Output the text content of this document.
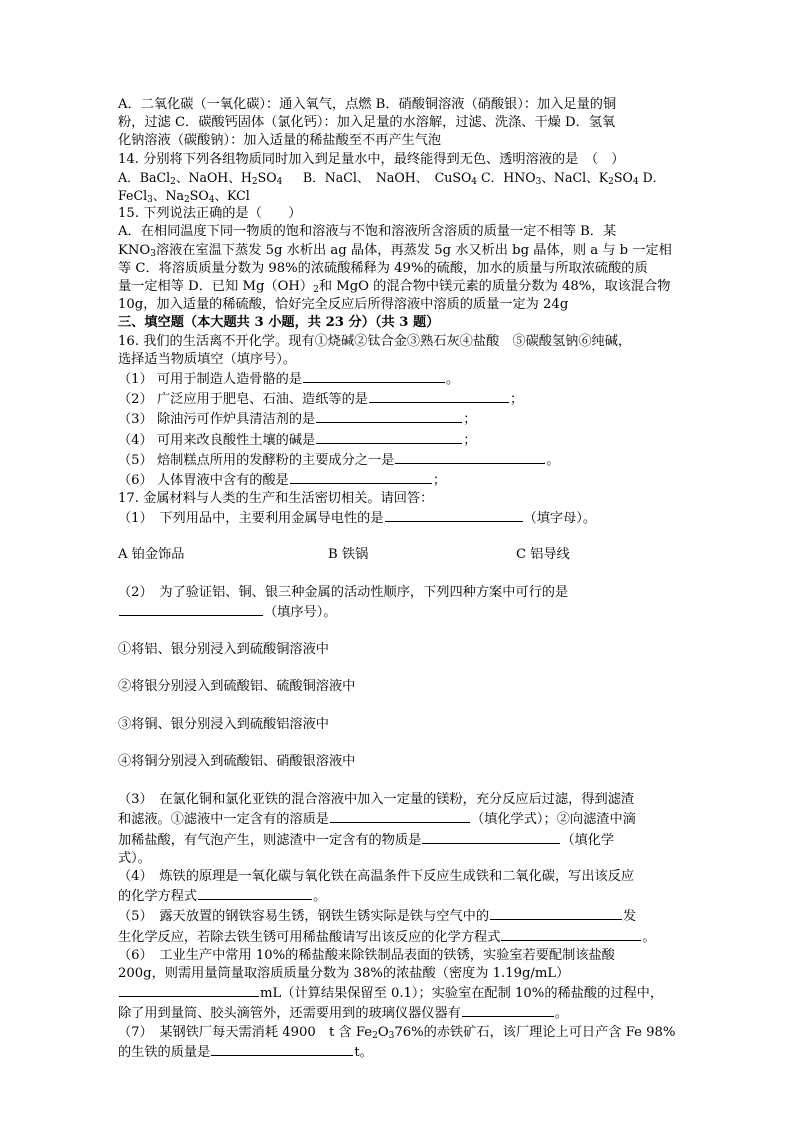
A．二氧化碳（一氧化碳）：通入氧气，点燃 B．硝酸铜溶液（硝酸银）：加入足量的铜
粉，过滤 C．碳酸钙固体（氯化钙）：加入足量的水溶解，过滤、洗涤、干燥 D．氢氧
化钠溶液（碳酸钠）：加入适量的稀盐酸至不再产生气泡
14. 分别将下列各组物质同时加入到足量水中，最终能得到无色、透明溶液的是　（　）
A．BaCl$_2$、NaOH、$H_2SO_4$ B．NaCl、　NaOH、　CuSO$_4$ C．$HNO_3$、NaCl、$K_2SO_4$ D．
FeCl$_3$、$Na_2SO_4$、KCl
15. 下列说法正确的是（　　）
A．在相同温度下同一物质的饱和溶液与不饱和溶液所含溶质的质量一定不相等 B．某
$KNO_3$溶液在室温下蒸发 5g 水析出 ag 晶体，再蒸发 5g 水又析出 bg 晶体，则 a 与 b 一定相
等 C．将溶质质量分数为 98%的浓硫酸稀释为 49%的硫酸，加水的质量与所取浓硫酸的质
量一定相等 D．已知 $Mg(OH)_2$和 MgO 的混合物中镁元素的质量分数为 48%，取该混合物
10g，加入适量的稀硫酸，恰好完全反应后所得溶液中溶质的质量一定为 24g
三、填空题（本大题共 3 小题，共 23 分）（共 3 题）
16. 我们的生活离不开化学。现有①烧碱②钛合金③熟石灰④盐酸　⑤碳酸氢钠⑥纯碱，
选择适当物质填空（填序号）。
（1） 可用于制造人造骨骼的是	。
（2） 广泛应用于肥皂、石油、造纸等的是	；
（3） 除油污可作炉具清洁剂的是	；
（4） 可用来改良酸性土壤的碱是	；
（5） 焙制糕点所用的发酵粉的主要成分之一是	。
（6） 人体胃液中含有的酸是	；
17. 金属材料与人类的生产和生活密切相关。请回答：
（1）　下列用品中，主要利用金属导电性的是	（填字母）。
A 铂金饰品	B 铁锅	C 铝导线
（2）　为了验证铝、铜、银三种金属的活动性顺序，下列四种方案中可行的是
（填序号）。
①将铝、银分别浸入到硫酸铜溶液中
②将银分别浸入到硫酸铝、硫酸铜溶液中
③将铜、银分别浸入到硫酸铝溶液中
④将铜分别浸入到硫酸铝、硝酸银溶液中
（3）　在氯化铜和氯化亚铁的混合溶液中加入一定量的镁粉，充分反应后过滤，得到滤渣
和滤液。①滤液中一定含有的溶质是	（填化学式）；②向滤渣中滴
加稀盐酸，有气泡产生，则滤渣中一定含有的物质是	（填化学
式）。
（4）　炼铁的原理是一氧化碳与氧化铁在高温条件下反应生成铁和二氧化碳，写出该反应
的化学方程式	。
（5）　露天放置的钢铁容易生锈，钢铁生锈实际是铁与空气中的	发
生化学反应，若除去铁生锈可用稀盐酸请写出该反应的化学方程式	。
（6）　工业生产中常用 10%的稀盐酸来除铁制品表面的铁锈，实验室若要配制该盐酸
200g，则需用量筒量取溶质质量分数为 38%的浓盐酸（密度为 1.19g/mL）
mL（计算结果保留至 0.1）；实验室在配制 10%的稀盐酸的过程中，
除了用到量筒、胶头滴管外，还需要用到的玻璃仪器仪器有	。
（7）　某钢铁厂每天需消耗 4900　t 含 $Fe_2O_376\%$的赤铁矿石，该厂理论上可日产含 Fe 98%
的生铁的质量是	t。
